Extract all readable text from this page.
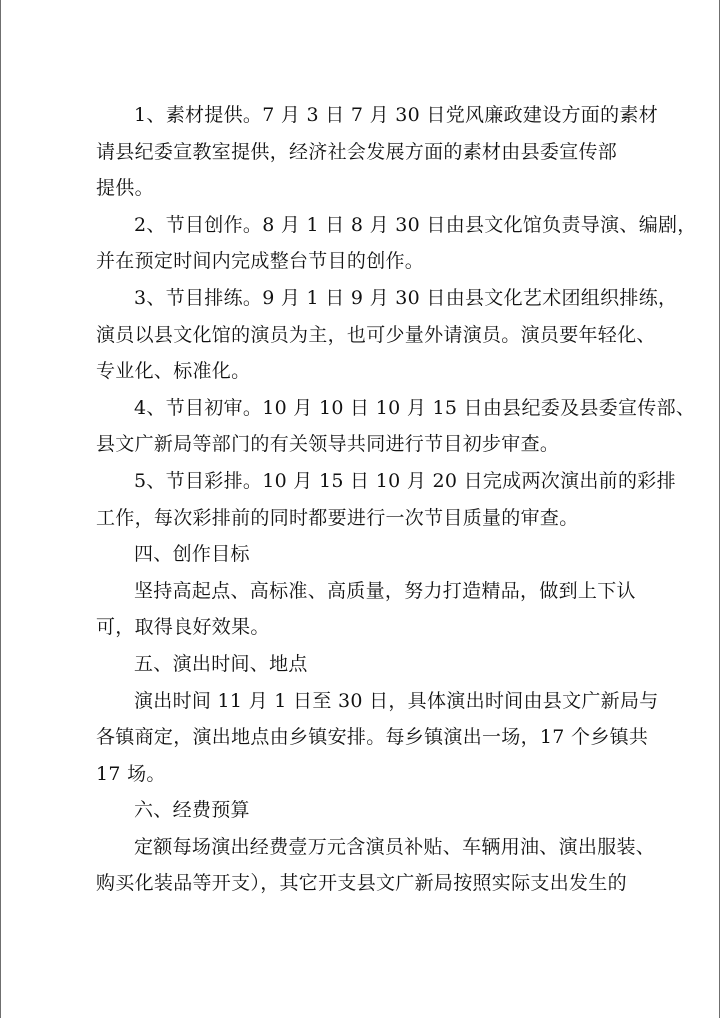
1、素材提供。7 月 3 日 7 月 30 日党风廉政建设方面的素材
请县纪委宣教室提供，经济社会发展方面的素材由县委宣传部
提供。
2、节目创作。8 月 1 日 8 月 30 日由县文化馆负责导演、编剧，
并在预定时间内完成整台节目的创作。
3、节目排练。9 月 1 日 9 月 30 日由县文化艺术团组织排练，
演员以县文化馆的演员为主，也可少量外请演员。演员要年轻化、
专业化、标准化。
4、节目初审。10 月 10 日 10 月 15 日由县纪委及县委宣传部、
县文广新局等部门的有关领导共同进行节目初步审查。
5、节目彩排。10 月 15 日 10 月 20 日完成两次演出前的彩排
工作，每次彩排前的同时都要进行一次节目质量的审查。
四、创作目标
坚持高起点、高标准、高质量，努力打造精品，做到上下认
可，取得良好效果。
五、演出时间、地点
演出时间 11 月 1 日至 30 日，具体演出时间由县文广新局与
各镇商定，演出地点由乡镇安排。每乡镇演出一场，17 个乡镇共
17 场。
六、经费预算
定额每场演出经费壹万元含演员补贴、车辆用油、演出服装、
购买化装品等开支），其它开支县文广新局按照实际支出发生的
